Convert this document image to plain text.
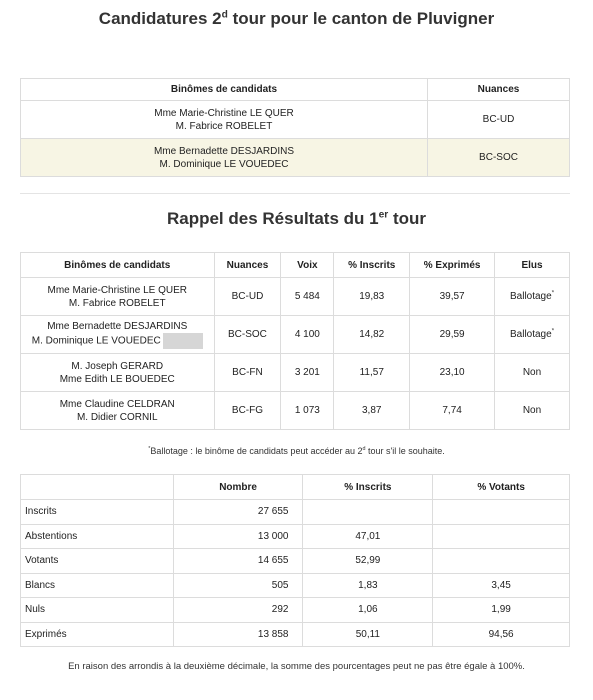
Candidatures 2$^d$ tour pour le canton de Pluvigner
Binômes de candidats	Nuances

Mme Marie-Christine LE QUER
M. Fabrice ROBELET	BC-UD

Mme Bernadette DESJARDINS
M. Dominique LE VOUEDEC	BC-SOC
Rappel des Résultats du 1er tour
Binômes de candidats	Nuances	Voix	% Inscrits	% Exprimés	Elus

Mme Marie-Christine LE QUER
M. Fabrice ROBELET	BC-UD	5 484	19,83	39,57	Ballotage*

Mme Bernadette DESJARDINS
M. Dominique LE VOUEDEC	BC-SOC	4 100	14,82	29,59	Ballotage*

M. Joseph GERARD
Mme Edith LE BOUEDEC	BC-FN	3 201	11,57	23,10	Non

Mme Claudine CELDRAN
M. Didier CORNIL	BC-FG	1 073	3,87	7,74	Non
*Ballotage : le binôme de candidats peut accéder au 2$^d$ tour s'il le souhaite.
	Nombre	% Inscrits	% Votants
Inscrits	27 655		
Abstentions	13 000	47,01	
Votants	14 655	52,99	
Blancs	505	1,83	3,45
Nuls	292	1,06	1,99
Exprimés	13 858	50,11	94,56
En raison des arrondis à la deuxième décimale, la somme des pourcentages peut ne pas être égale à 100%.
